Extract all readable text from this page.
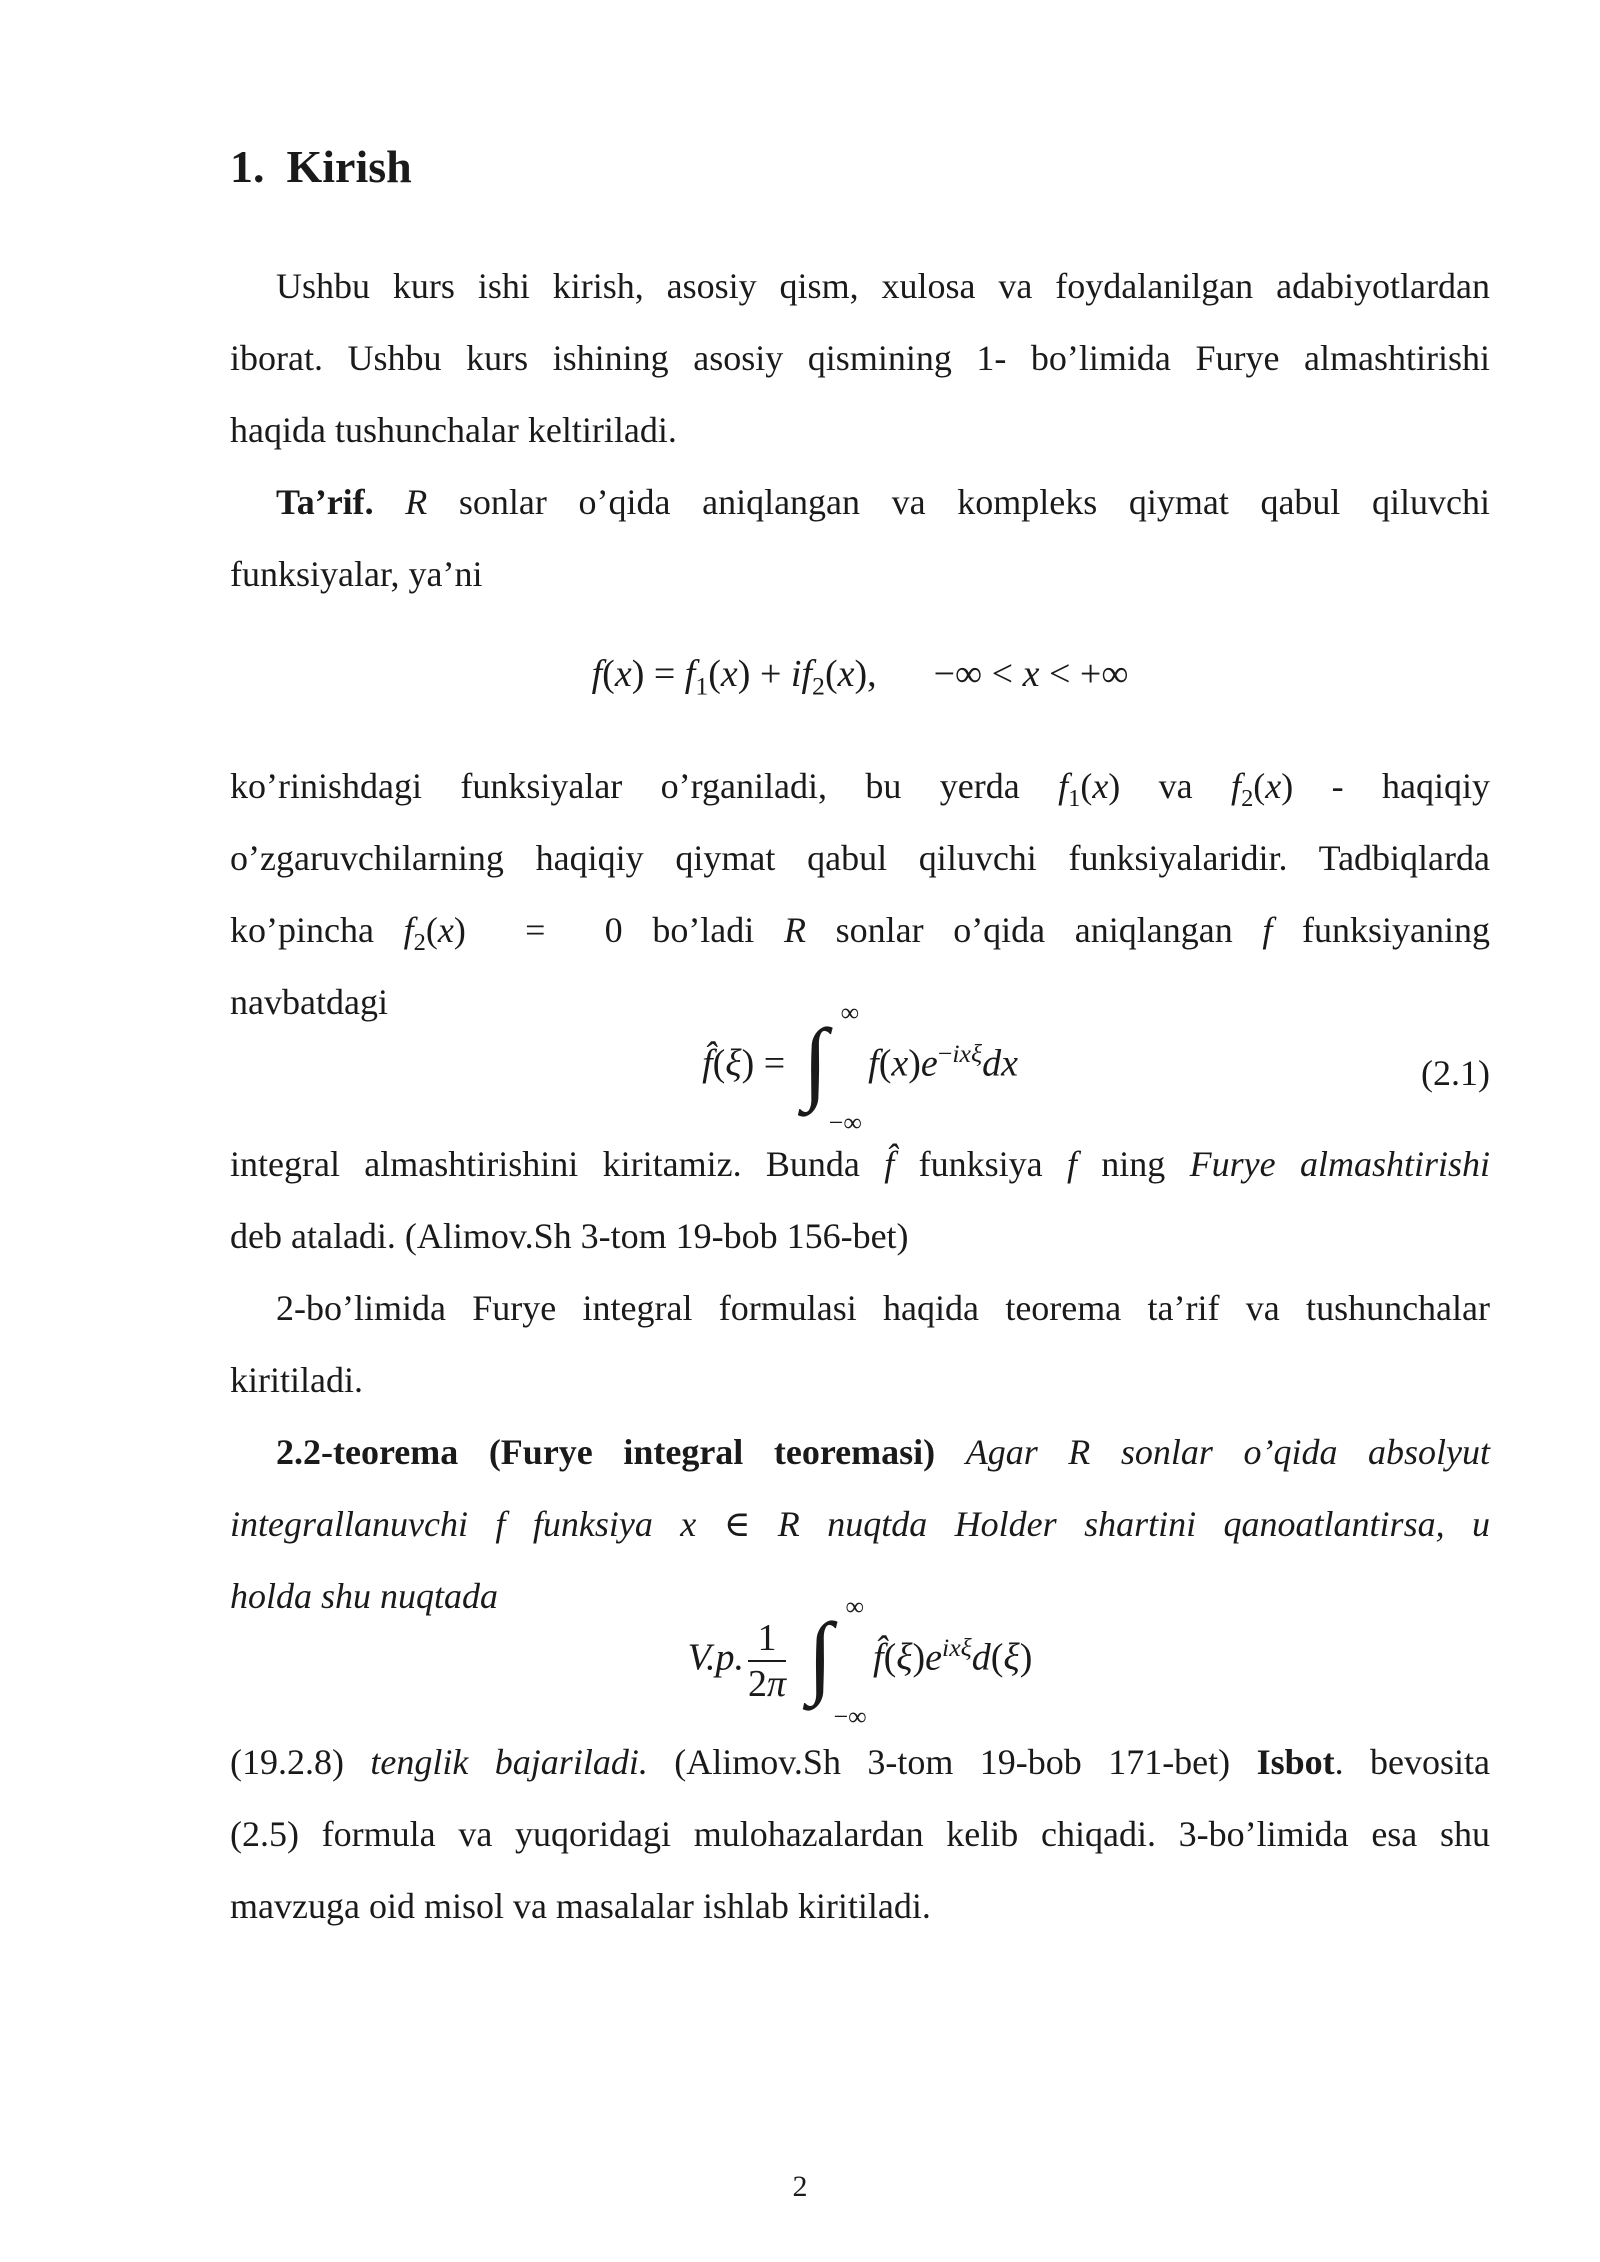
1. Kirish
Ushbu kurs ishi kirish, asosiy qism, xulosa va foydalanilgan adabiyotlardan
iborat. Ushbu kurs ishining asosiy qismining 1- bo’limida Furye almashtirishi
haqida tushunchalar keltiriladi.
Ta’rif. R sonlar o’qida aniqlangan va kompleks qiymat qabul qiluvchi
funksiyalar, ya’ni
$f(x) = f_1(x) + if_2(x)$,      −∞ < x < +∞
ko’rinishdagi funksiyalar o’rganiladi, bu yerda $f_1(x)$ va $f_2(x)$ - haqiqiy
o’zgaruvchilarning haqiqiy qiymat qabul qiluvchi funksiyalaridir. Tadbiqlarda
ko’pincha $f_2(x) = 0$ bo’ladi R sonlar o’qida aniqlangan f funksiyaning
navbatdagi
f̂(ξ) = ∫ ∞
−∞
$f(x)e^{-ix\xi}dx$	(2.1)
integral almashtirishini kiritamiz. Bunda f̂ funksiya f ning Furye almashtirishi
deb ataladi. (Alimov.Sh 3-tom 19-bob 156-bet)
2-bo’limida Furye integral formulasi haqida teorema ta’rif va tushunchalar
kiritiladi.
2.2-teorema (Furye integral teoremasi) Agar R sonlar o’qida absolyut
integrallanuvchi f funksiya x ∈ R nuqtda Holder shartini qanoatlantirsa, u
holda shu nuqtada
V.p. $\frac{1}{2\pi}$
∫ ∞
−∞
$f̂(\xi)e^{ix\xi}d(\xi)$
(19.2.8) tenglik bajariladi. (Alimov.Sh 3-tom 19-bob 171-bet) Isbot. bevosita
(2.5) formula va yuqoridagi mulohazalardan kelib chiqadi. 3-bo’limida esa shu
mavzuga oid misol va masalalar ishlab kiritiladi.
2
